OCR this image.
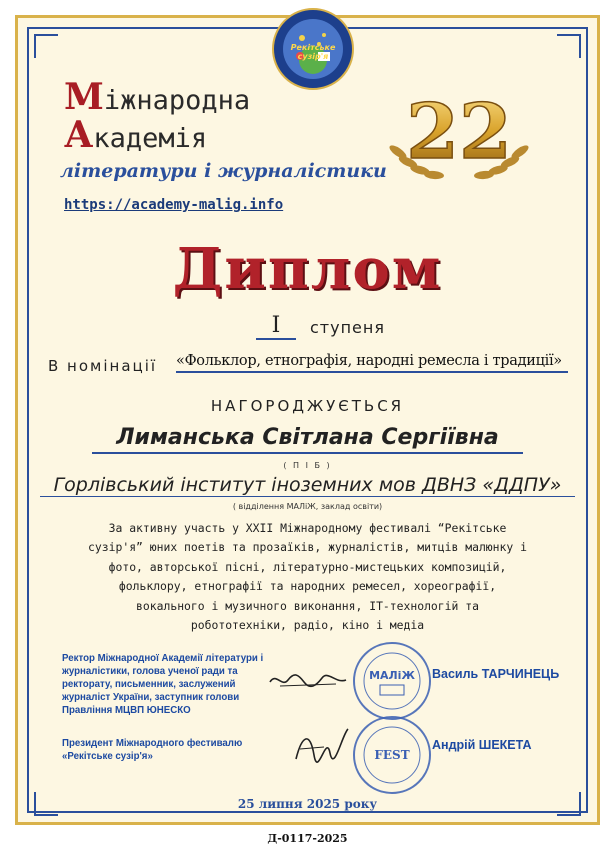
Рекітське
сузір'я
Міжнародна
Академія
літератури і журналістики
https://academy-malig.info
22
Диплом
I	ступеня
В номінації «Фольклор, етнографія, народні ремесла і традиції»
НАГОРОДЖУЄТЬСЯ
Лиманська Світлана Сергіївна
( П І Б )
Горлівський інститут іноземних мов ДВНЗ «ДДПУ»
( відділення МАЛіЖ, заклад освіти)
За активну участь у XXII Міжнародному фестивалі “Рекітське
сузір'я” юних поетів та прозаїків, журналістів, митців малюнку і
фото, авторської пісні, літературно-мистецьких композицій,
фольклору, етнографії та народних ремесел, хореографії,
вокального і музичного виконання, ІТ-технологій та
робототехніки, радіо, кіно і медіа
Ректор Міжнародної Академії літератури і журналістики, голова ученої ради та ректорату, письменник, заслужений журналіст України, заступник голови Правління МЦВП ЮНЕСКО
Президент Міжнародного фестивалю «Рекітське сузір'я»
МАЛіЖ
FEST
Василь ТАРЧИНЕЦЬ
Андрій ШЕКЕТА
25 липня 2025 року
Д-0117-2025
